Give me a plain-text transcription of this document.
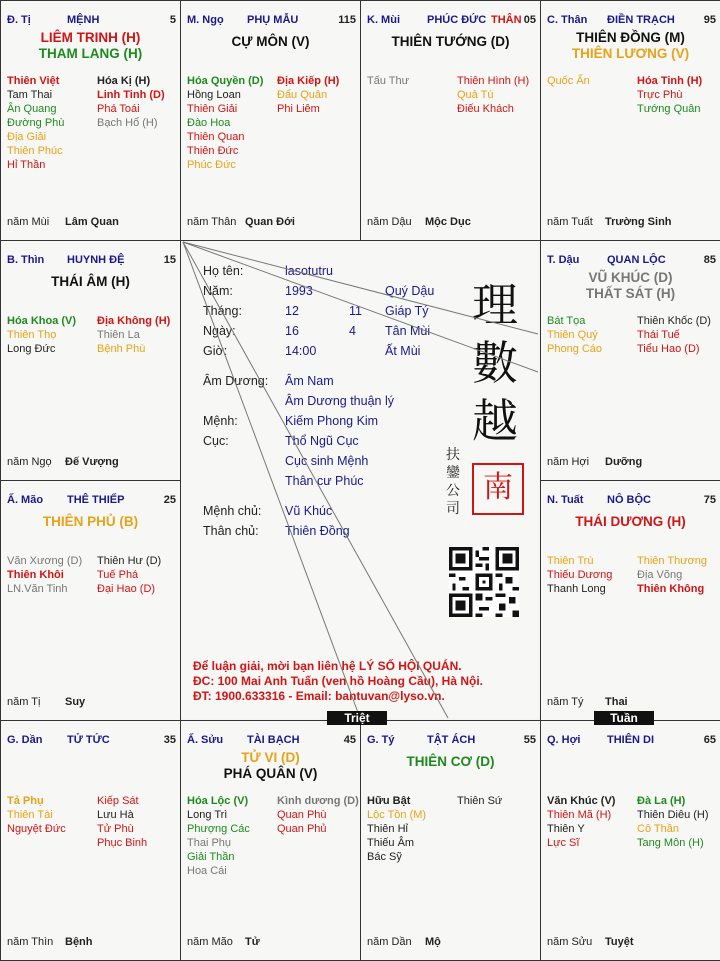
Q. Hợi THIÊN DI	65
Văn Khúc (V)
Thiên Mã (H)
Thiên Y
Lực Sĩ
Đà La (H)
Thiên Diêu (H)
Cô Thần
Tang Môn (H)
năm Sửu Tuyệt
G. Tý	TẬT ÁCH	55
THIÊN CƠ (D)
Hữu Bật
Lộc Tồn (M)
Thiên Hỉ
Thiếu Âm
Bác Sỹ
Thiên Sứ
năm Dần Mộ
Ấ. Sửu TÀI BẠCH	45
TỬ VI (D)
PHÁ QUÂN (V)
Hóa Lộc (V)
Long Trì
Phượng Các
Thai Phụ
Giải Thần
Hoa Cái
Kình dương (D)
Quan Phù
Quan Phủ
năm Mão Tử
G. Dần TỬ TỨC	35
Tả Phụ
Thiên Tài
Nguyệt Đức
Kiếp Sát
Lưu Hà
Tử Phù
Phục Binh
năm Thìn Bệnh
N. Tuất NÔ BỘC	75
THÁI DƯƠNG (H)
Thiên Trù
Thiếu Dương
Thanh Long
Thiên Thương
Địa Võng
Thiên Không
năm Tý Thai
Ấ. Mão THÊ THIẾP	25
THIÊN PHỦ (B)
Văn Xương (D)
Thiên Khôi
LN.Văn Tinh
Thiên Hư (D)
Tuế Phá
Đại Hao (D)
năm Tị Suy
T. Dậu	QUAN LỘC	85
VŨ KHÚC (D)
THẤT SÁT (H)
Bát Tọa
Thiên Quý
Phong Cáo
Thiên Khốc (D)
Thái Tuế
Tiểu Hao (D)
năm Hợi Dưỡng
B. Thìn HUYNH ĐỆ	15
THÁI ÂM (H)
Hóa Khoa (V)
Thiên Thọ
Long Đức
Địa Không (H)
Thiên La
Bệnh Phù
năm Ngọ Đế Vượng
C. Thân ĐIỀN TRẠCH	95
THIÊN ĐỒNG (M)
THIÊN LƯƠNG (V)
Quốc Ấn	Hóa Tinh (H)
Trực Phù
Tướng Quân
năm Tuất Trường Sinh
K. Mùi PHÚC ĐỨC THÂN 05
THIÊN TƯỚNG (D)
Tấu Thư	Thiên Hình (H)
Quả Tú
Điếu Khách
năm Dậu Mộc Dục
M. Ngọ PHỤ MẪU	115
CỰ MÔN (V)
Hóa Quyền (D)
Hồng Loan
Thiên Giải
Đào Hoa
Thiên Quan
Thiên Đức
Phúc Đức
Địa Kiếp (H)
Đẩu Quân
Phi Liêm
năm Thân Quan Đới
Đ. Tị	MỆNH	5
LIÊM TRINH (H)
THAM LANG (H)
Thiên Việt
Tam Thai
Ân Quang
Đường Phù
Địa Giải
Thiên Phúc
Hỉ Thần
Hóa Kị (H)
Linh Tinh (D)
Phá Toái
Bạch Hổ (H)
năm Mùi Lâm Quan
Họ tên:	lasotutru
Năm:	1993	Quý Dậu
Tháng:	12	11 Giáp Tý
Ngày:	16	4 Tân Mùi
Giờ:	14:00	Ất Mùi
Âm Dương: Âm Nam
Âm Dương thuận lý
Mệnh:	Kiếm Phong Kim
Cục:	Thổ Ngũ Cục
Cục sinh Mệnh
Thân cư Phúc
Mệnh chủ: Vũ Khúc
Thân chủ: Thiên Đồng
理
數
越
扶鑾公司
南
Để luận giải, mời bạn liên hệ LÝ SỐ HỘI QUÁN.
ĐC: 100 Mai Anh Tuấn (ven hồ Hoàng Cầu), Hà Nội.
ĐT: 1900.633316 - Email: bantuvan@lyso.vn.
Triệt	Tuần
